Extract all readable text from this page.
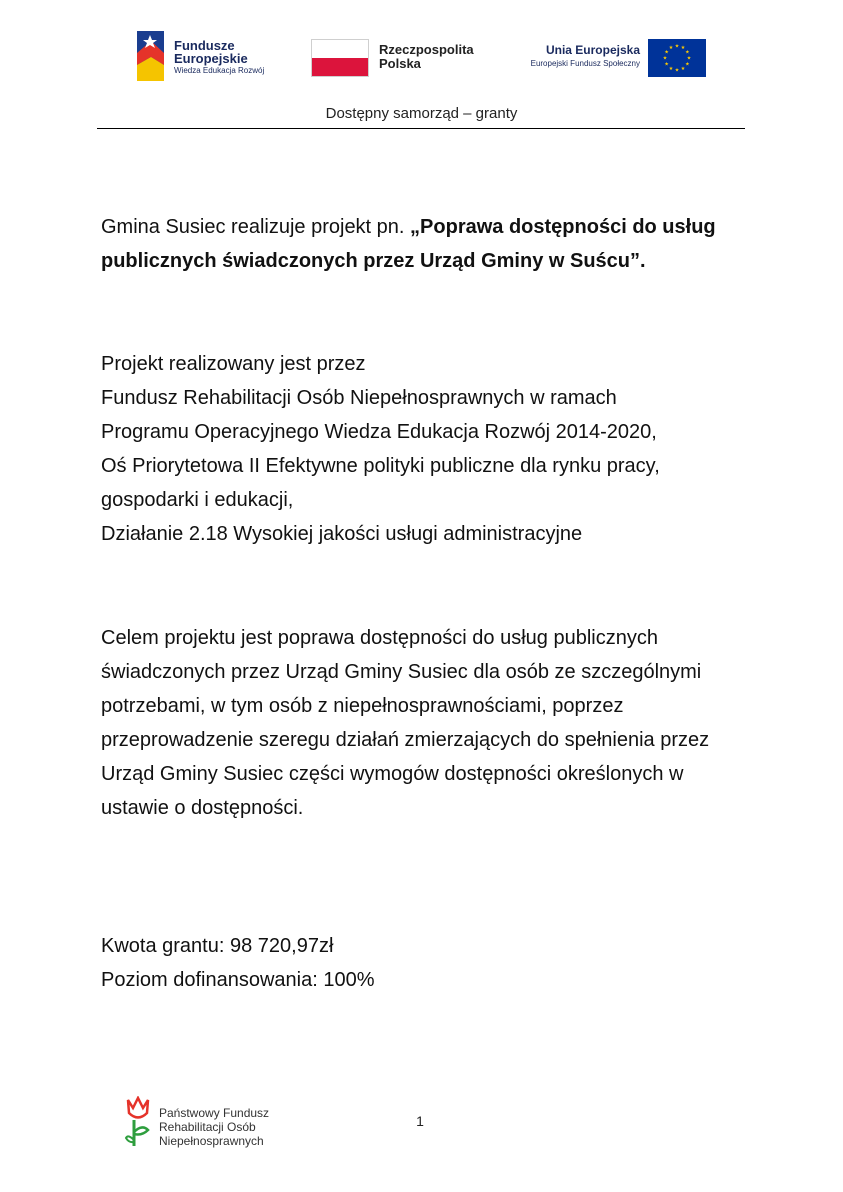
Fundusze
Europejskie
Wiedza Edukacja Rozwój
Rzeczpospolita
Polska
Unia Europejska
Europejski Fundusz Społeczny
★ ★
★
★
★
★
★
★
★
★
★
★
Dostępny samorząd – granty
Gmina Susiec realizuje projekt pn. „Poprawa dostępności do usług
publicznych świadczonych przez Urząd Gminy w Suścu”.
Projekt realizowany jest przez
Fundusz Rehabilitacji Osób Niepełnosprawnych w ramach
Programu Operacyjnego Wiedza Edukacja Rozwój 2014-2020,
Oś Priorytetowa II Efektywne polityki publiczne dla rynku pracy,
gospodarki i edukacji,
Działanie 2.18 Wysokiej jakości usługi administracyjne
Celem projektu jest poprawa dostępności do usług publicznych
świadczonych przez Urząd Gminy Susiec dla osób ze szczególnymi
potrzebami, w tym osób z niepełnosprawnościami, poprzez
przeprowadzenie szeregu działań zmierzających do spełnienia przez
Urząd Gminy Susiec części wymogów dostępności określonych w
ustawie o dostępności.
Kwota grantu: 98 720,97zł
Poziom dofinansowania: 100%
Państwowy Fundusz
Rehabilitacji Osób
Niepełnosprawnych
1
